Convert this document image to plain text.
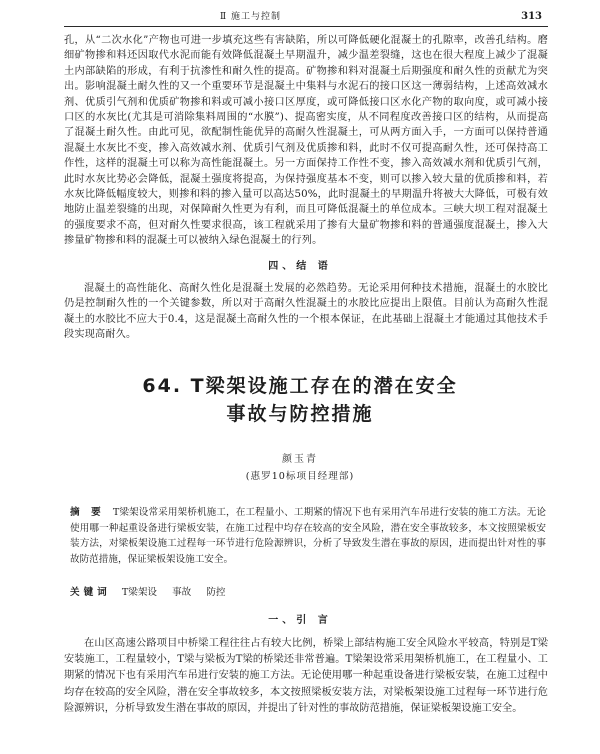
Ⅱ 施工与控制	313

孔，从“二次水化”产物也可进一步填充这些有害缺陷，所以可降低硬化混凝土的孔隙率，改善孔结构。磨细矿物掺和料还因取代水泥而能有效降低混凝土早期温升，减少温差裂缝，这也在很大程度上减少了混凝土内部缺陷的形成，有利于抗渗性和耐久性的提高。矿物掺和料对混凝土后期强度和耐久性的贡献尤为突出。影响混凝土耐久性的又一个重要环节是混凝土中集料与水泥石的接口区这一薄弱结构，上述高效减水剂、优质引气剂和优质矿物掺和料或可减小接口区厚度，或可降低接口区水化产物的取向度，或可减小接口区的水灰比(尤其是可消除集料周围的“水膜”)、提高密实度，从不同程度改善接口区的结构，从而提高了混凝土耐久性。由此可见，欲配制性能优异的高耐久性混凝土，可从两方面入手，一方面可以保持普通混凝土水灰比不变，掺入高效减水剂、优质引气剂及优质掺和料，此时不仅可提高耐久性，还可保持高工作性，这样的混凝土可以称为高性能混凝土。另一方面保持工作性不变，掺入高效减水剂和优质引气剂，此时水灰比势必会降低，混凝土强度将提高，为保持强度基本不变，则可以掺入较大量的优质掺和料，若水灰比降低幅度较大，则掺和料的掺入量可以高达50%，此时混凝土的早期温升将被大大降低，可极有效地防止温差裂缝的出现，对保障耐久性更为有利，而且可降低混凝土的单位成本。三峡大坝工程对混凝土的强度要求不高，但对耐久性要求很高，该工程就采用了掺有大量矿物掺和料的普通强度混凝土，掺入大掺量矿物掺和料的混凝土可以被纳入绿色混凝土的行列。

四、结 语

混凝土的高性能化、高耐久性化是混凝土发展的必然趋势。无论采用何种技术措施，混凝土的水胶比仍是控制耐久性的一个关键参数，所以对于高耐久性混凝土的水胶比应提出上限值。目前认为高耐久性混凝土的水胶比不应大于0.4，这是混凝土高耐久性的一个根本保证，在此基础上混凝土才能通过其他技术手段实现高耐久。

64. T梁架设施工存在的潜在安全
事故与防控措施
颜玉青
(惠罗10标项目经理部)

摘 要 T梁架设常采用架桥机施工，在工程量小、工期紧的情况下也有采用汽车吊进行安装的施工方法。无论使用哪一种起重设备进行梁板安装，在施工过程中均存在较高的安全风险，潜在安全事故较多，本文按照梁板安装方法，对梁板架设施工过程每一环节进行危险源辨识，分析了导致发生潜在事故的原因，进而提出针对性的事故防范措施，保证梁板架设施工安全。

关键词 T梁架设 事故 防控
一、引 言

在山区高速公路项目中桥梁工程往往占有较大比例，桥梁上部结构施工安全风险水平较高，特别是T梁安装施工，工程量较小，T梁与梁板为T梁的桥梁还非常普遍。T梁架设常采用架桥机施工，在工程量小、工期紧的情况下也有采用汽车吊进行安装的施工方法。无论使用哪一种起重设备进行梁板安装，在施工过程中均存在较高的安全风险，潜在安全事故较多，本文按照梁板安装方法，对梁板架设施工过程每一环节进行危险源辨识，分析导致发生潜在事故的原因，并提出了针对性的事故防范措施，保证梁板架设施工安全。
